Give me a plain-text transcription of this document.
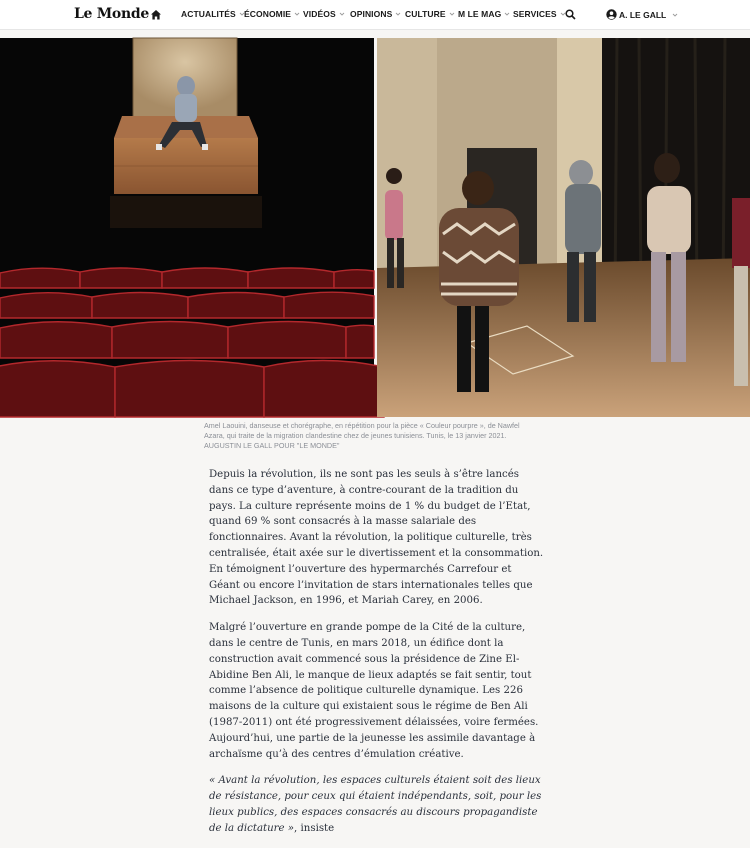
Le Monde	ACTUALITÉS ÉCONOMIE VIDÉOS OPINIONS CULTURE M LE MAG SERVICES	A. LE GALL
Amel Laouini, danseuse et chorégraphe, en répétition pour la pièce « Couleur pourpre », de Nawfel Azara, qui traite de la migration clandestine chez de jeunes tunisiens. Tunis, le 13 janvier 2021.
AUGUSTIN LE GALL POUR "LE MONDE"

Depuis la révolution, ils ne sont pas les seuls à s’être lancés dans ce type d’aventure, à contre-courant de la tradition du pays. La culture représente moins de 1 % du budget de l’Etat, quand 69 % sont consacrés à la masse salariale des fonctionnaires. Avant la révolution, la politique culturelle, très centralisée, était axée sur le divertissement et la consommation. En témoignent l’ouverture des hypermarchés Carrefour et Géant ou encore l’invitation de stars internationales telles que Michael Jackson, en 1996, et Mariah Carey, en 2006.

Malgré l’ouverture en grande pompe de la Cité de la culture, dans le centre de Tunis, en mars 2018, un édifice dont la construction avait commencé sous la présidence de Zine El-Abidine Ben Ali, le manque de lieux adaptés se fait sentir, tout comme l’absence de politique culturelle dynamique. Les 226 maisons de la culture qui existaient sous le régime de Ben Ali (1987-2011) ont été progressivement délaissées, voire fermées. Aujourd’hui, une partie de la jeunesse les assimile davantage à archaïsme qu’à des centres d’émulation créative.

« Avant la révolution, les espaces culturels étaient soit des lieux de résistance, pour ceux qui étaient indépendants, soit, pour les lieux publics, des espaces consacrés au discours propagandiste de la dictature », insiste
